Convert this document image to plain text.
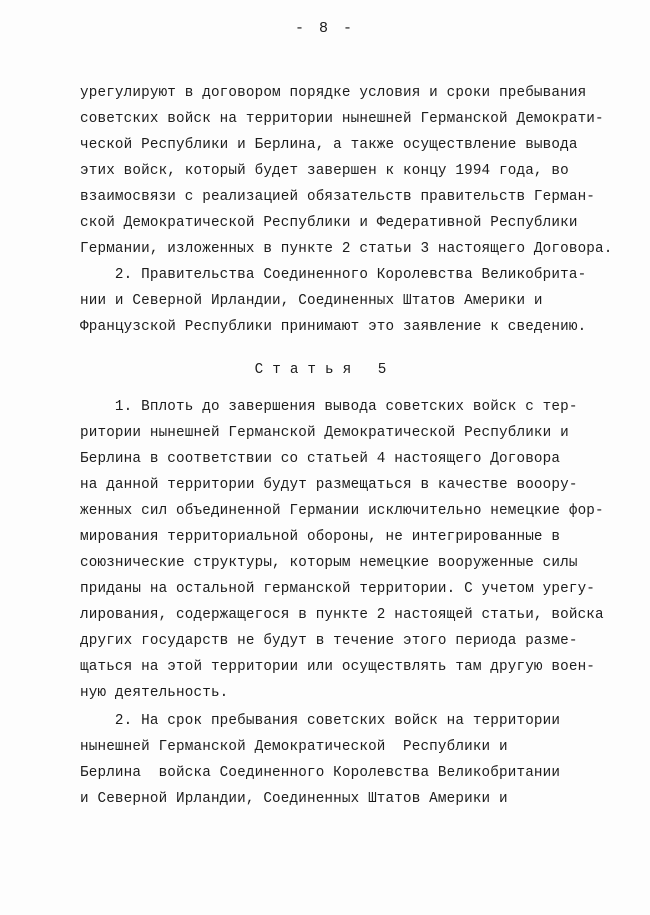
- 8 -
урегулируют в договором порядке условия и сроки пребывания
советских войск на территории нынешней Германской Демократи-
ческой Республики и Берлина, а также осуществление вывода
этих войск, который будет завершен к концу 1994 года, во
взаимосвязи с реализацией обязательств правительств Герман-
ской Демократической Республики и Федеративной Республики
Германии, изложенных в пункте 2 статьи 3 настоящего Договора.
2. Правительства Соединенного Королевства Великобрита-
нии и Северной Ирландии, Соединенных Штатов Америки и
Французской Республики принимают это заявление к сведению.
Статья 5
1. Вплоть до завершения вывода советских войск с тер-
ритории нынешней Германской Демократической Республики и
Берлина в соответствии со статьей 4 настоящего Договора
на данной территории будут размещаться в качестве вооору-
женных сил объединенной Германии исключительно немецкие фор-
мирования территориальной обороны, не интегрированные в
союзнические структуры, которым немецкие вооруженные силы
приданы на остальной германской территории. С учетом урегу-
лирования, содержащегося в пункте 2 настоящей статьи, войска
других государств не будут в течение этого периода разме-
щаться на этой территории или осуществлять там другую воен-
ную деятельность.
2. На срок пребывания советских войск на территории
нынешней Германской Демократической  Республики и
Берлина  войска Соединенного Королевства Великобритании
и Северной Ирландии, Соединенных Штатов Америки и
